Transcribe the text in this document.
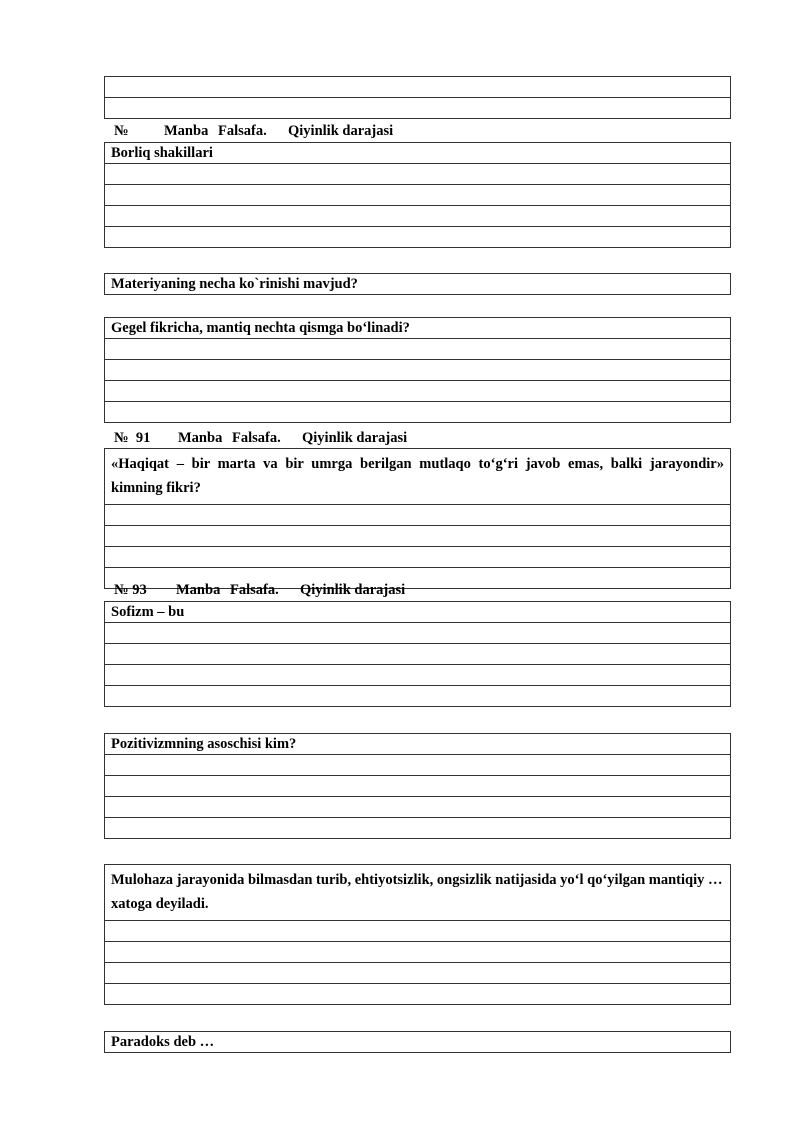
№ Manba Falsafa. Qiyinlik darajasi
Borliq shakillari

Materiyaning necha ko`rinishi mavjud?
Gegel fikricha, mantiq nechta qismga bo‘linadi?

№  91 Manba Falsafa. Qiyinlik darajasi
«Haqiqat – bir marta va bir umrga berilgan mutlaqo to‘g‘ri javob emas, balki jarayondir» kimning fikri?

№ 93 Manba Falsafa. Qiyinlik darajasi
Sofizm – bu

Pozitivizmning asoschisi kim?

Mulohaza jarayonida bilmasdan turib, ehtiyotsizlik, ongsizlik natijasida yo‘l qo‘yilgan mantiqiy … xatoga deyiladi.

Paradoks deb …
